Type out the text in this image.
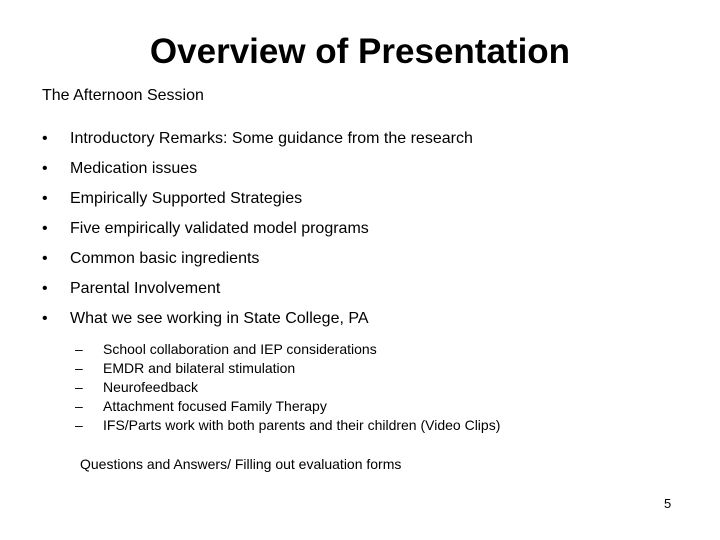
Overview of Presentation
The Afternoon Session
•	Introductory Remarks: Some guidance from the research
•	Medication issues
•	Empirically Supported Strategies
•	Five empirically validated model programs
•	Common basic ingredients
•	Parental Involvement
•	What we see working in State College, PA
– School collaboration and IEP considerations
– EMDR and bilateral stimulation
– Neurofeedback
– Attachment focused Family Therapy
– IFS/Parts work with both parents and their children (Video Clips)
Questions and Answers/ Filling out evaluation forms
5
